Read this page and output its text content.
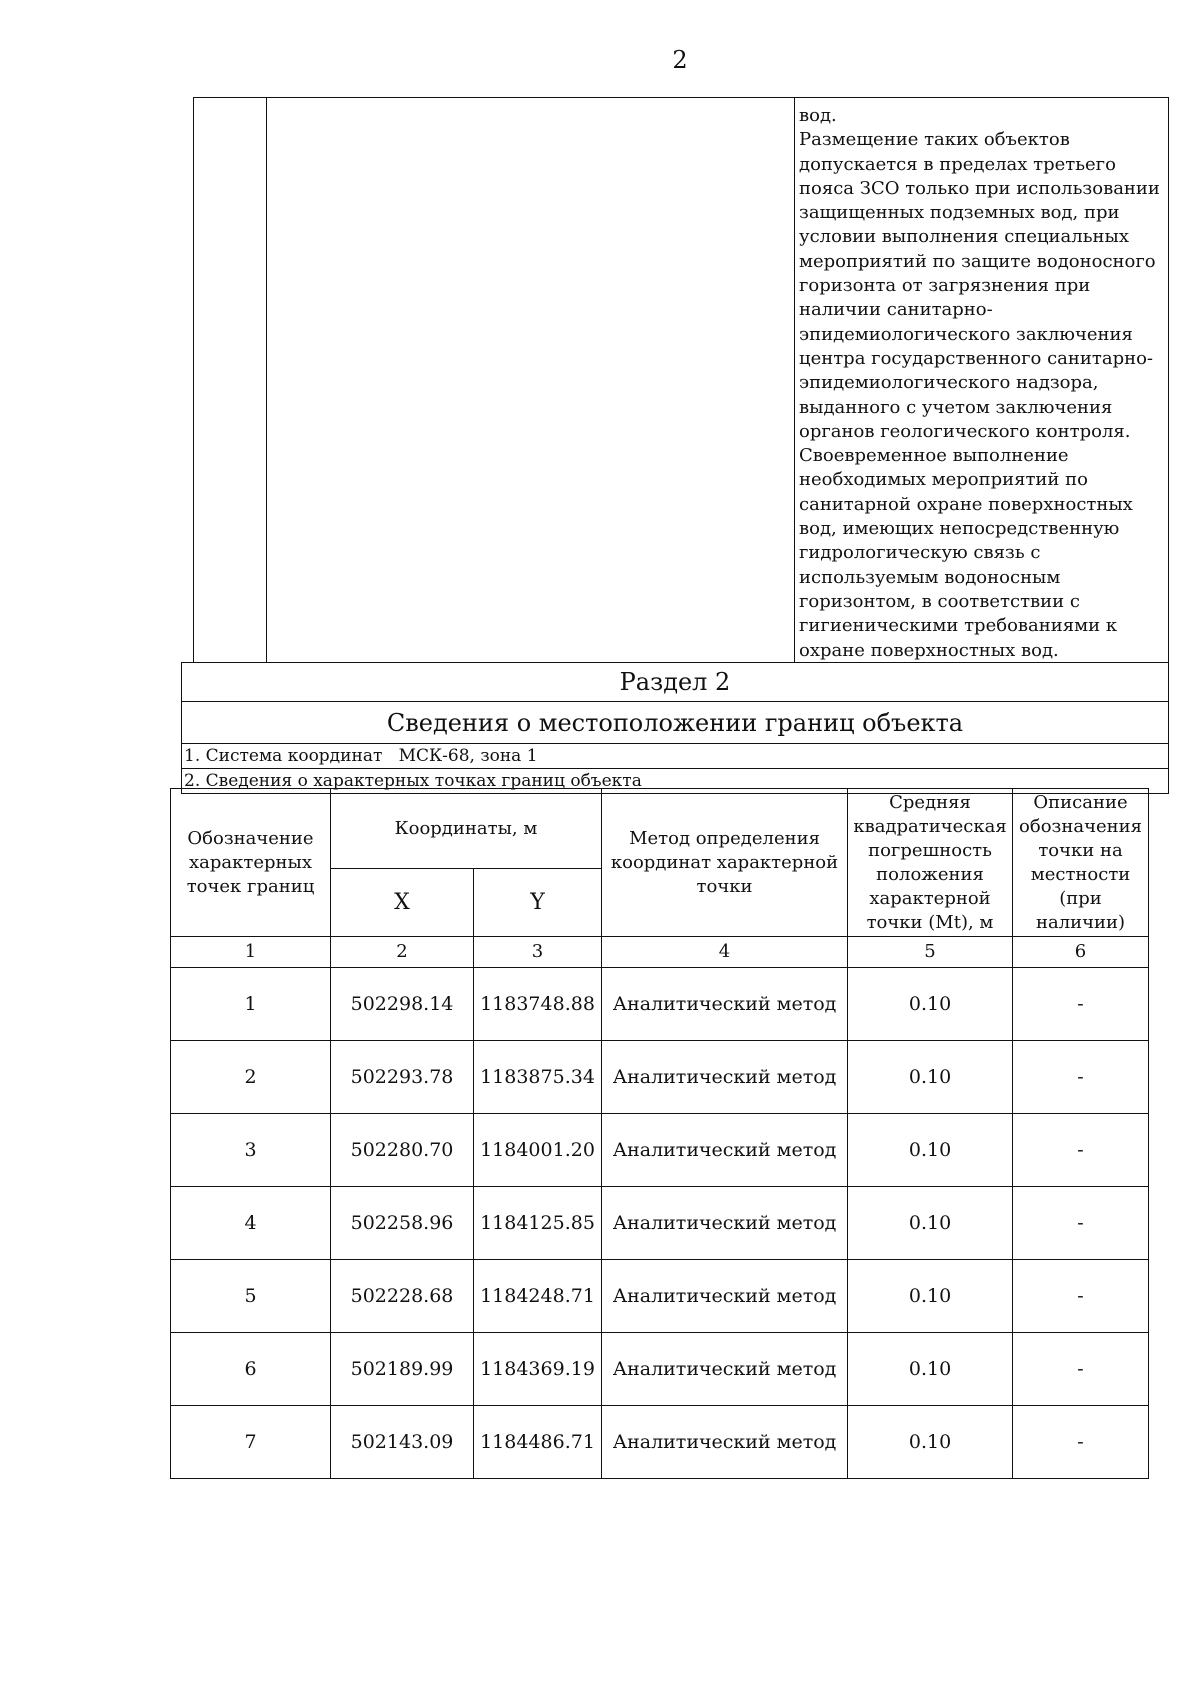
2

вод.

Размещение таких объектов допускается в пределах третьего пояса ЗСО только при использовании защищенных подземных вод, при условии выполнения специальных мероприятий по защите водоносного горизонта от загрязнения при наличии санитарно-эпидемиологического заключения центра государственного санитарно-эпидемиологического надзора, выданного с учетом заключения органов геологического контроля.

Своевременное выполнение необходимых мероприятий по санитарной охране поверхностных вод, имеющих непосредственную гидрологическую связь с используемым водоносным горизонтом, в соответствии с гигиеническими требованиями к охране поверхностных вод.

Раздел 2
Сведения о местоположении границ объекта
1. Система координат МСК-68, зона 1
2. Сведения о характерных точках границ объекта
Обозначение характерных точек границ	Координаты, м		Метод определения координат характерной точки	Средняя квадратическая погрешность положения характерной точки (Mt), м	Описание обозначения точки на местности (при наличии)

	X	Y			
1	2	3	4	5	6
1	502298.14	1183748.88	Аналитический метод	0.10	-
2	502293.78	1183875.34	Аналитический метод	0.10	-
3	502280.70	1184001.20	Аналитический метод	0.10	-
4	502258.96	1184125.85	Аналитический метод	0.10	-
5	502228.68	1184248.71	Аналитический метод	0.10	-
6	502189.99	1184369.19	Аналитический метод	0.10	-
7	502143.09	1184486.71	Аналитический метод	0.10	-
